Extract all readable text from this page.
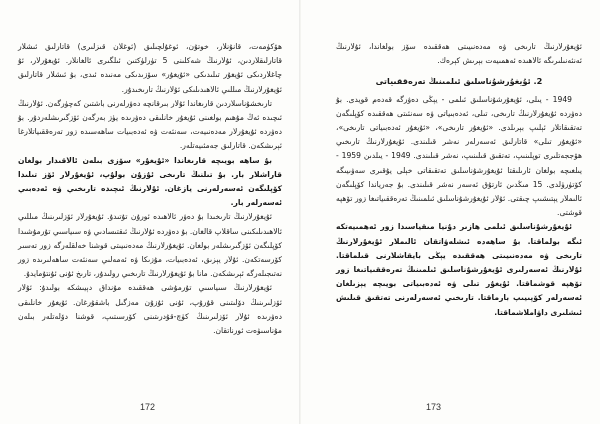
ھۆكۈمەت، قانۇنلار، خوتۇن، ئوغۇلچىلىق (ئوغلان قىزلىرى) قاتارلىق ئىشلار قاتارلىقلاردىن، ئۇلارنىڭ شەكلىنى 5 تۈرلۈكتىن ئىلگىرى ئالغانلار. ئۇيغۇرلار، ئۇ چاغلاردىكى ئۇيغۇر تىلىدىكى «ئۇيغۇر» سۆزىدىكى مەنىدە ئىدى، بۇ ئىشلار قاتارلىق ئۇيغۇرلارنىڭ مىللىي ئالاھىدىلىكى ئۇلارنىڭ تارىخىدۇر.

تارىخشۇناسلاردىن قارىغاندا ئۇلار بىرقانچە دەۋرلەرنى باشتىن كەچۈرگەن. ئۇلارنىڭ ئىچىدە ئەڭ مۇھىم بولغىنى ئۇيغۇر خانلىقى دەۋرىدە يۈز بەرگەن ئۆزگىرىشلەردۇر. بۇ دەۋردە ئۇيغۇرلار مەدەنىيەت، سەنئەت ۋە ئەدەبىيات ساھەسىدە زور تەرەققىياتلارغا ئېرىشكەن. قاتارلىق جەمئىيەتلەر.

بۇ ساھە بويىچە قارىغاندا «ئۇيغۇر» سۆزى بىلەن ئالاقىدار بولغان قاراشلار بار. بۇ تىلنىڭ تارىخى ئۇزۇن بولۇپ، ئۇيغۇرلار ئۆز تىلىدا كۆپلىگەن ئەسەرلەرنى يازغان. ئۇلارنىڭ ئىچىدە تارىخىي ۋە ئەدەبىي ئەسەرلەر بار.

ئۇيغۇرلارنىڭ تارىخىدا بۇ دەۋر ئالاھىدە ئورۇن تۇتىدۇ. ئۇيغۇرلار ئۆزلىرىنىڭ مىللىي ئالاھىدىلىكىنى ساقلاپ قالغان. بۇ دەۋردە ئۇلارنىڭ ئىقتىسادىي ۋە سىياسىي تۇرمۇشىدا كۆپلىگەن ئۆزگىرىشلەر بولغان. ئۇيغۇرلارنىڭ مەدەنىيىتى قوشنا خەلقلەرگە زور تەسىر كۆرسەتكەن. ئۇلار يېزىق، ئەدەبىيات، مۇزىكا ۋە ئەمەلىي سەنئەت ساھەلىرىدە زور نەتىجىلەرگە ئېرىشكەن. مانا بۇ ئۇيغۇرلارنىڭ تارىخىي رولىدۇر، تارىخ ئۇنى ئۇنتۇمايدۇ.

ئۇيغۇرلارنىڭ سىياسىي تۇرمۇشى ھەققىدە مۇنداق دېيىشكە بولىدۇ: ئۇلار ئۆزلىرىنىڭ دۆلىتىنى قۇرۇپ، ئۇنى ئۇزۇن مەزگىل باشقۇرغان. ئۇيغۇر خانلىقى دەۋرىدە ئۇلار ئۆزلىرىنىڭ كۈچ-قۇدرىتىنى كۆرسىتىپ، قوشنا دۆلەتلەر بىلەن مۇناسىۋەت ئورناتقان.

172

ئۇيغۇرلارنىڭ تارىخى ۋە مەدەنىيىتى ھەققىدە سۆز بولغاندا، ئۇلارنىڭ ئەنئەنىلىرىگە ئالاھىدە ئەھمىيەت بېرىش كېرەك.

2. ئۇيغۇرشۇناسلىق ئىلمىنىڭ تەرەققىياتى

1949 - يىلى، ئۇيغۇرشۇناسلىق ئىلمى - يېڭى دەۋرگە قەدەم قويدى. بۇ دەۋردە ئۇيغۇرلارنىڭ تارىخى، تىلى، ئەدەبىياتى ۋە سەنئىتى ھەققىدە كۆپلىگەن تەتقىقاتلار ئېلىپ بېرىلدى. «ئۇيغۇر تارىخى»، «ئۇيغۇر ئەدەبىياتى تارىخى»، «ئۇيغۇر تىلى» قاتارلىق ئەسەرلەر نەشر قىلىندى. ئۇيغۇرلارنىڭ تارىخىي ھۆججەتلىرى توپلىنىپ، تەتقىق قىلىنىپ، نەشر قىلىندى. 1949 - يىلدىن 1959 - يىلغىچە بولغان ئارىلىقتا ئۇيغۇرشۇناسلىق تەتقىقاتى خېلى يۇقىرى سەۋىيىگە كۆتۈرۈلدى. 15 مىڭدىن ئارتۇق ئەسەر نەشر قىلىندى. بۇ جەرياندا كۆپلىگەن ئالىملار يېتىشىپ چىقتى. ئۇلار ئۇيغۇرشۇناسلىق ئىلمىنىڭ تەرەققىياتىغا زور تۆھپە قوشتى.

ئۇيغۇرشۇناسلىق ئىلمى ھازىر دۇنيا مىقياسىدا زور ئەھمىيەتكە ئىگە بولماقتا. بۇ ساھەدە ئىشلەۋاتقان ئالىملار ئۇيغۇرلارنىڭ تارىخى ۋە مەدەنىيىتى ھەققىدە يېڭى بايقاشلارنى قىلماقتا. ئۇلارنىڭ ئەسەرلىرى ئۇيغۇرشۇناسلىق ئىلمىنىڭ تەرەققىياتىغا زور تۆھپە قوشماقتا. ئۇيغۇر تىلى ۋە ئەدەبىياتى بويىچە يېزىلغان ئەسەرلەر كۆپىيىپ بارماقتا. تارىخىي ئەسەرلەرنى تەتقىق قىلىش ئىشلىرى داۋاملاشماقتا.

173
